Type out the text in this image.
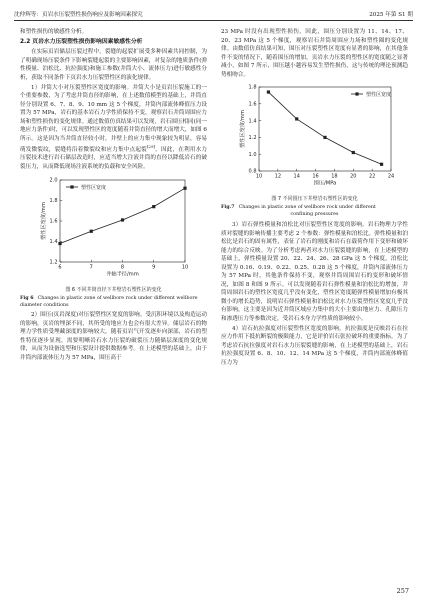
沈仲辉等：页岩水压裂塑性损伤响应及影响因素探究	2025 年第 S1 期

和塑性损伤的敏感性分析。

2.2 页岩水力压裂塑性损伤影响因素敏感性分析

在实际页岩储层压裂过程中，裂缝的起裂扩展受多种因素共同控制，为了明确现场压裂条件下影响裂缝起裂的主要影响因素，对复杂的地质条件(弹性模量、泊松比、抗拉强度)和施工参数(井筒大小、流体压力)进行敏感性分析，获取不同条件下页岩水力压裂塑性区的演化规律。

1）井筒大小对压裂塑性区宽度的影响。井筒大小是页岩压裂施工的一个重要参数，为了考虑井筒直径的影响，在上述数值模型的基础上，井筒直径分别设置 6、7、8、9、10 mm 这 5 个梯度，井筒内部流体峰值压力设置为 57 MPa，岩石的基本岩石力学性质保持不变，观察岩石井筒周围应力场和塑性损伤的变化规律。通过数值仿真结果可以发现，岩石围压相同(同一地应力条件)时，可以发现塑性区的宽度随着井筒直径的增大而增大，如图 6 所示。这是因为当井筒直径较小时，井壁上的应力集中现象较为明显，容易萌发微裂纹，裂缝将沿着微裂纹和应力集中点起裂[29]。因此，在利用水力压裂技术进行岩石储层改造时，应适当增大注液井筒的直径以降低岩石的破裂压力，从而降低现场注液系统的负载和安全风险。

6	7	8	9	10
1.2
1.4
1.6
1.8
2.0
井轴半径/mm
塑性区宽度/mm
塑性区宽度
图 6 不同井筒直径下井壁岩石塑性区的变化
Fig 6 Changes in plastic zone of wellbore rock under different wellbore diameter conditions

2）围压(页岩深度)对压裂塑性区宽度的影响。受沉积环境以及构造运动的影响，页岩的埋深不同，其所受的地应力也会有很大差异。储层岩石的物理力学性质受埋藏深度的影响较大，随着页岩气开发逐步向深部，岩石的塑性特征逐步显现，需要明晰岩石水力压裂的破裂压力随储层深度的变化规律，从而为设备选型和压裂设计提供数据参考。在上述模型的基础上，由于井筒内部流体压力为 57 MPa，围压高于

23 MPa 时没有出现塑性损伤，因此，围压分别设置为 11、14、17、20、23 MPa 这 5 个梯度，观察岩石井筒周围应力场和塑性圈的变化规律。由数值仿真结果可知，围压对压裂塑性区宽度有显著的影响，在其他条件不变的情况下，随着围压的增加，页岩水力压裂的塑性区的宽度随之显著减小，如图 7 所示，围压越小越容易发生塑性损伤，这与传统的理论预测趋势相吻合。

10 12 14 16 18 20 22 24
0.8
1.0
1.2
1.4
1.6
1.8
围压/MPa
塑性区宽度/mm
塑性区宽度
图 7 不同围压下井壁岩石塑性区的变化
Fig.7 Changes in plastic zone of wellbore rock under different
confining pressures

3）岩石弹性模量和泊松比对压裂塑性区宽度的影响。岩石物理力学性质对裂缝的影响传播主要考虑 2 个参数：弹性模量和泊松比。弹性模量和泊松比是岩石的固有属性，表征了岩石的刚度和岩石在载荷作用下变形和破坏能力的综合反映。为了分析考虑两者对水力压裂裂缝的影响，在上述模型的基础上，弹性模量设置 20、22、24、26、28 GPa 这 5 个梯度，泊松比设置为 0.16、0.19、0.22、0.25、0.28 这 5 个梯度，井筒内部流体压力为 57 MPa 时，其他条件保持不变，观察井筒周围岩石的变形和破坏情况，如图 8 和图 9 所示。可以发现随着岩石弹性模量和泊松比的增加，井筒周围岩石的塑性区宽度几乎没有变化，塑性区宽度随弹性模量增加有极其微小的增长趋势，说明岩石弹性模量和泊松比对水力压裂塑性区宽度几乎没有影响，这主要是因为近井筒区域应力集中的大小主要由地应力、孔隙压力和渗透压力等参数决定，受岩石本身力学性质的影响较小。

4）岩石抗拉强度对压裂塑性区宽度的影响。抗拉强度是反映岩石在拉应力作用下抵抗断裂的极限能力，它是评价岩石张拉破坏的重要指标。为了考虑岩石抗拉强度对岩石水力压裂裂缝的影响，在上述模型的基础上，岩石抗拉强度设置 6、8、10、12、14 MPa 这 5 个梯度，井筒内部流体峰值压力为

257
